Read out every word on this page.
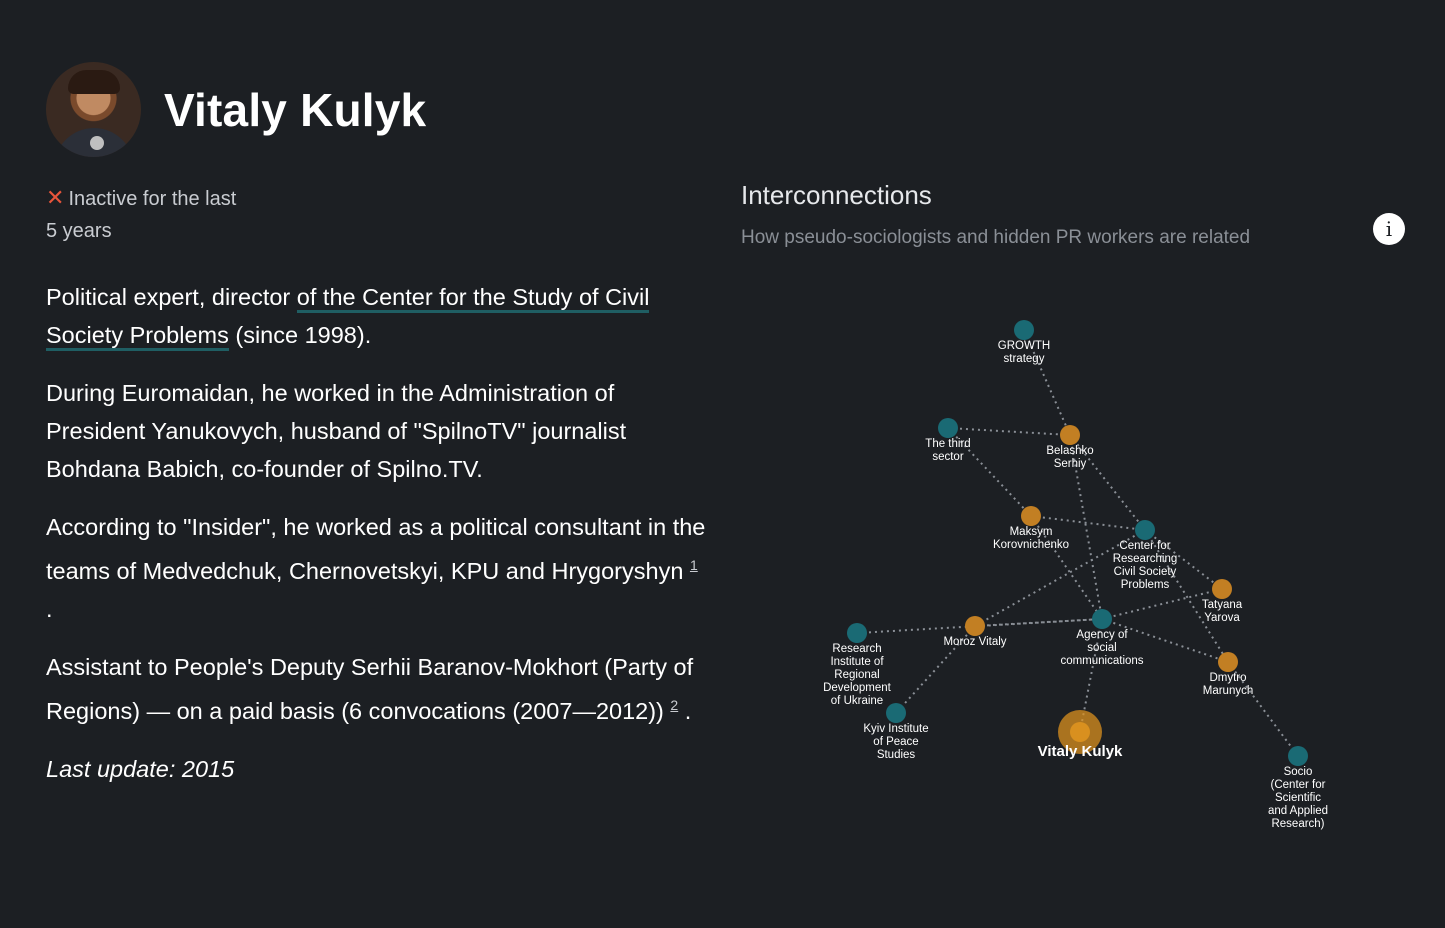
Vitaly Kulyk
✕ Inactive for the last
5 years

Political expert, director of the Center for the Study of Civil Society Problems (since 1998).

During Euromaidan, he worked in the Administration of President Yanukovych, husband of "SpilnoTV" journalist Bohdana Babich, co-founder of Spilno.TV.

According to "Insider", he worked as a political consultant in the teams of Medvedchuk, Chernovetskyi, KPU and Hrygoryshyn $^1$ .

Assistant to People's Deputy Serhii Baranov-Mokhort (Party of Regions) — on a paid basis (6 convocations (2007—2012)) $^2$ .

Last update: 2015

Interconnections
How pseudo-sociologists and hidden PR workers are related	i
GROWTH strategy
The third sector	Belashko Serhiy
Maksym Korovnichenko	Center for Researching Civil Society Problems
Tatyana Yarova
Moroz Vitaly
Agency of social communications
Research Institute of Regional Development of Ukraine
Dmytro Marunych
Kyiv Institute of Peace Studies	Vitaly Kulyk
Socio (Center for Scientific and Applied Research)
